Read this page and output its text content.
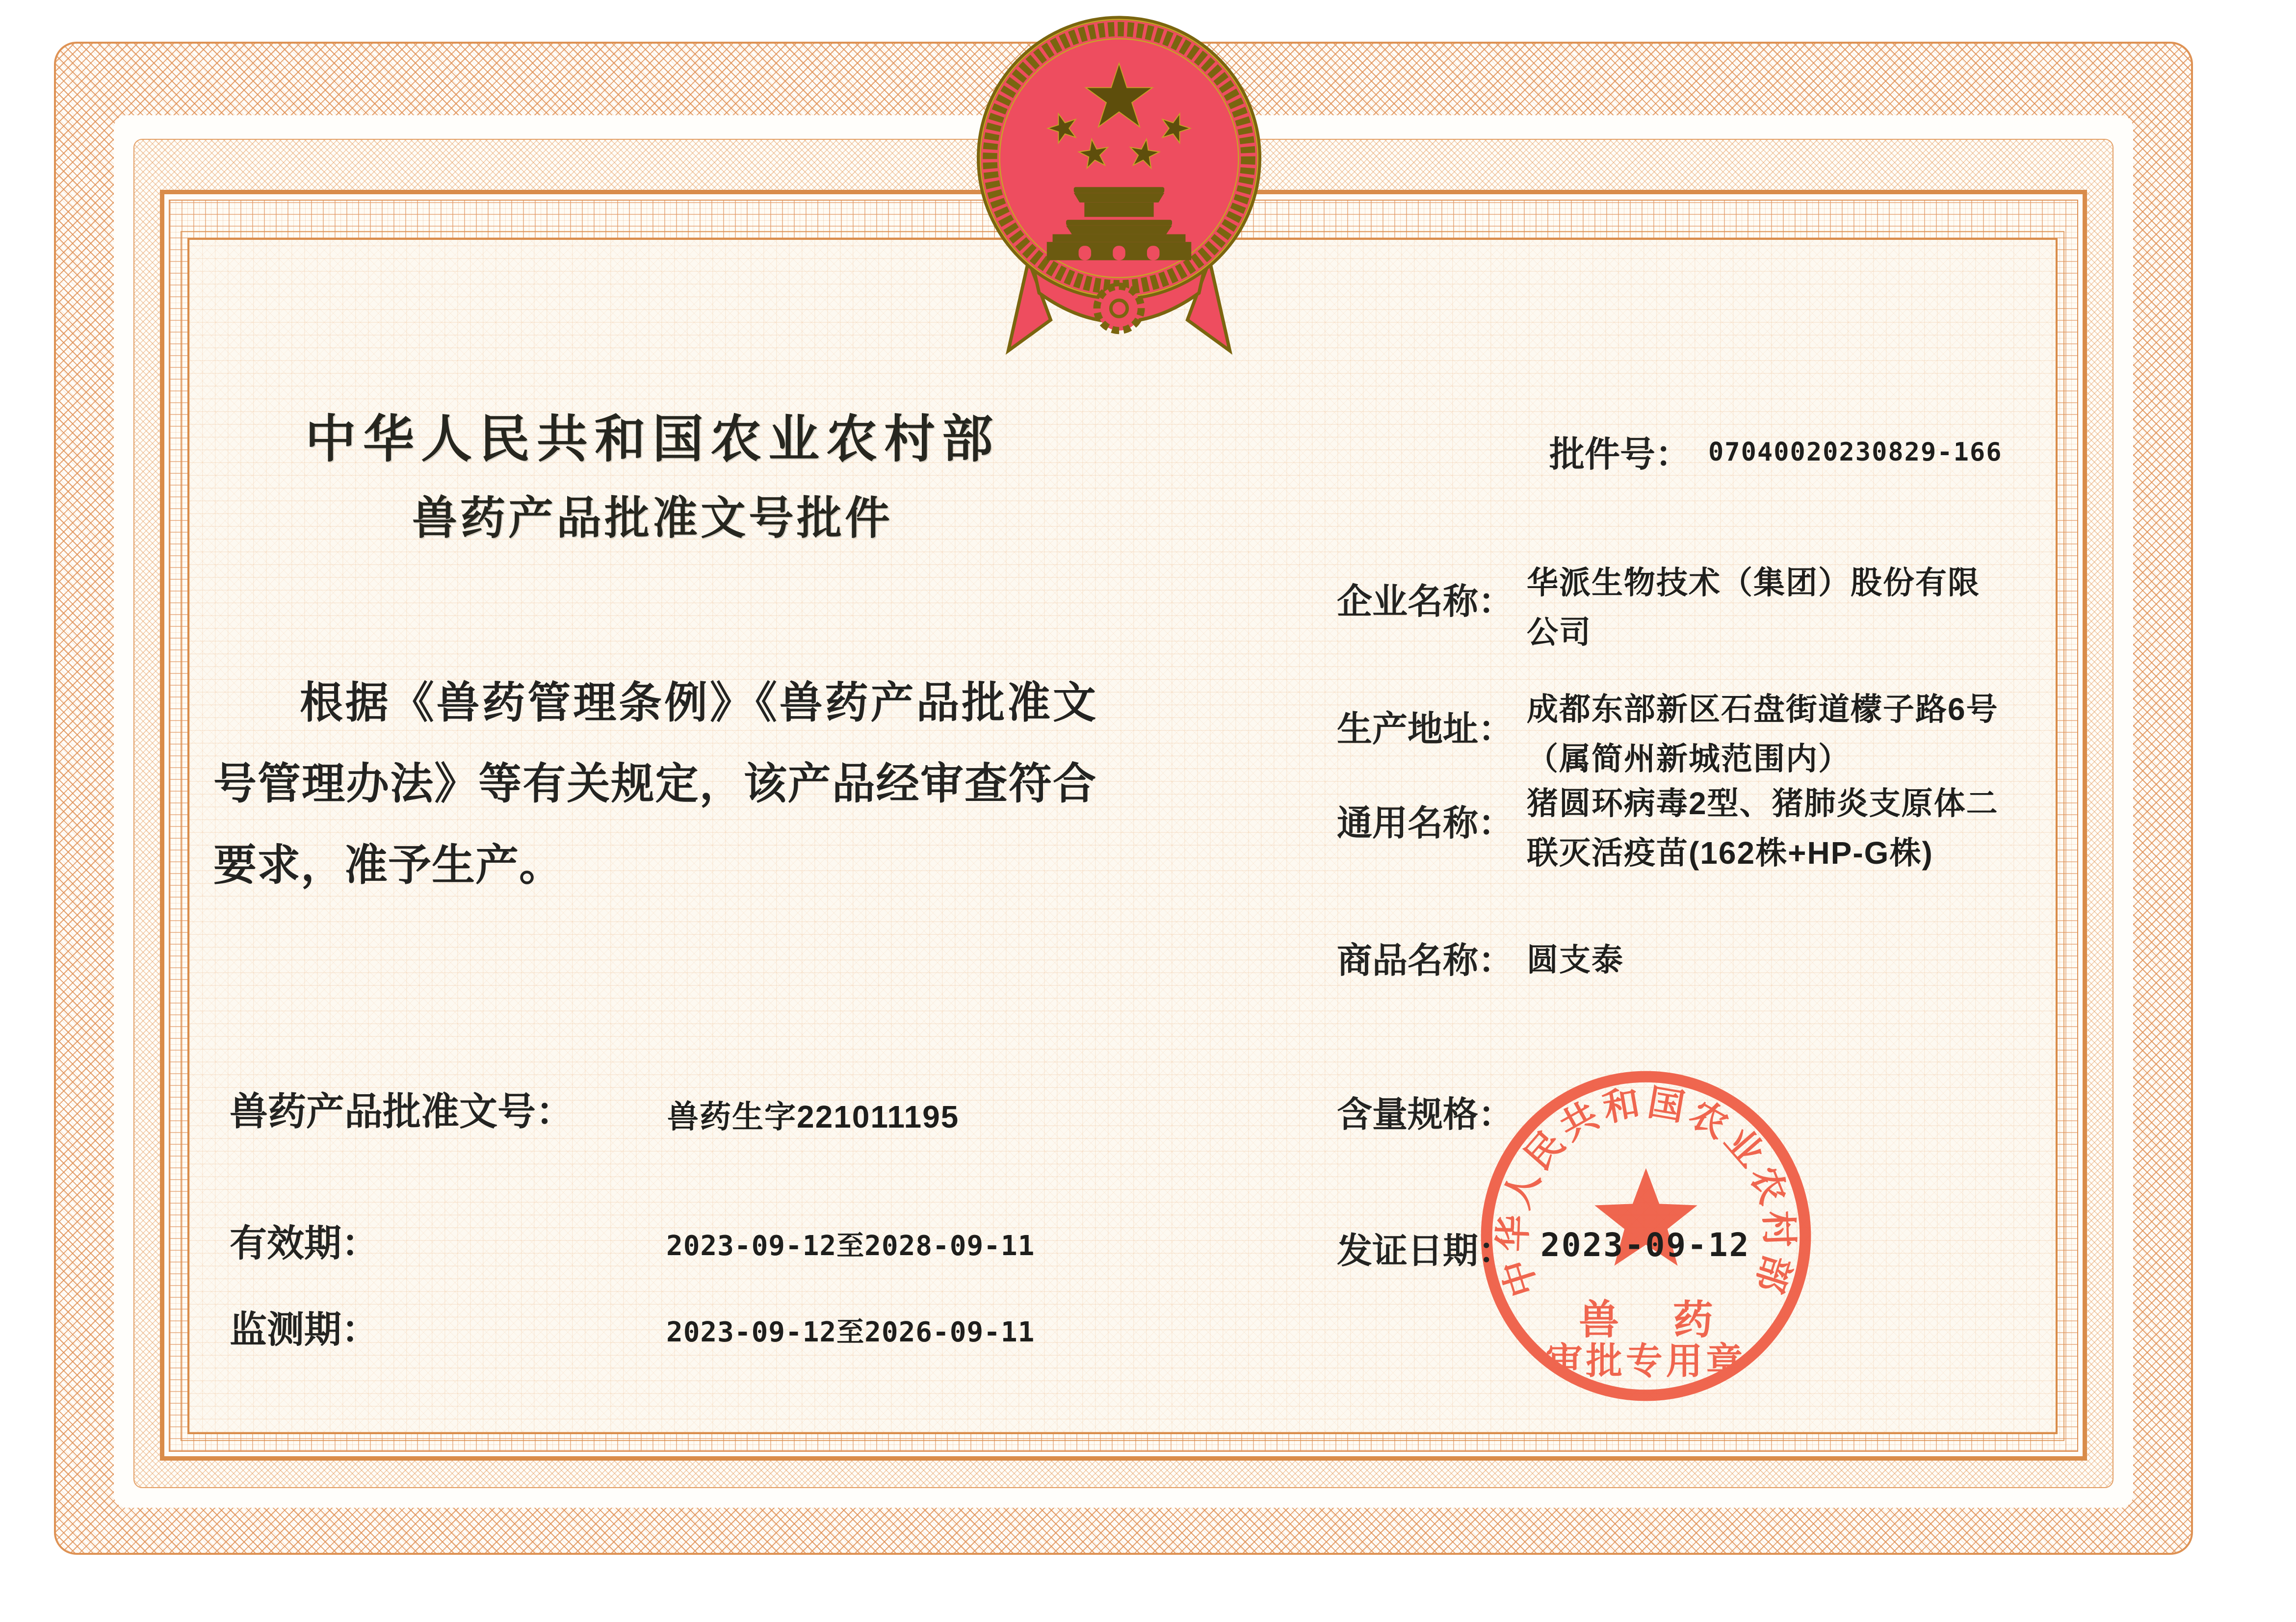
中华人民共和国农业农村部
兽药产品批准文号批件
批件号： 07040020230829-166
根据《兽药管理条例》《兽药产品批准文号管理办法》等有关规定，该产品经审查符合要求，准予生产。
企业名称： 华派生物技术（集团）股份有限公司
生产地址：
成都东部新区石盘街道檬子路6号（属简州新城范围内）
通用名称：
猪圆环病毒2型、猪肺炎支原体二联灭活疫苗(162株+HP-G株)
商品名称： 圆支泰
含量规格：
发证日期： 2023-09-12
兽药产品批准文号：	兽药生字221011195
有效期：	2023-09-12至2028-09-11
监测期：	2023-09-12至2026-09-11
中华人民共和国农业农村部
兽 药
审批专用章
